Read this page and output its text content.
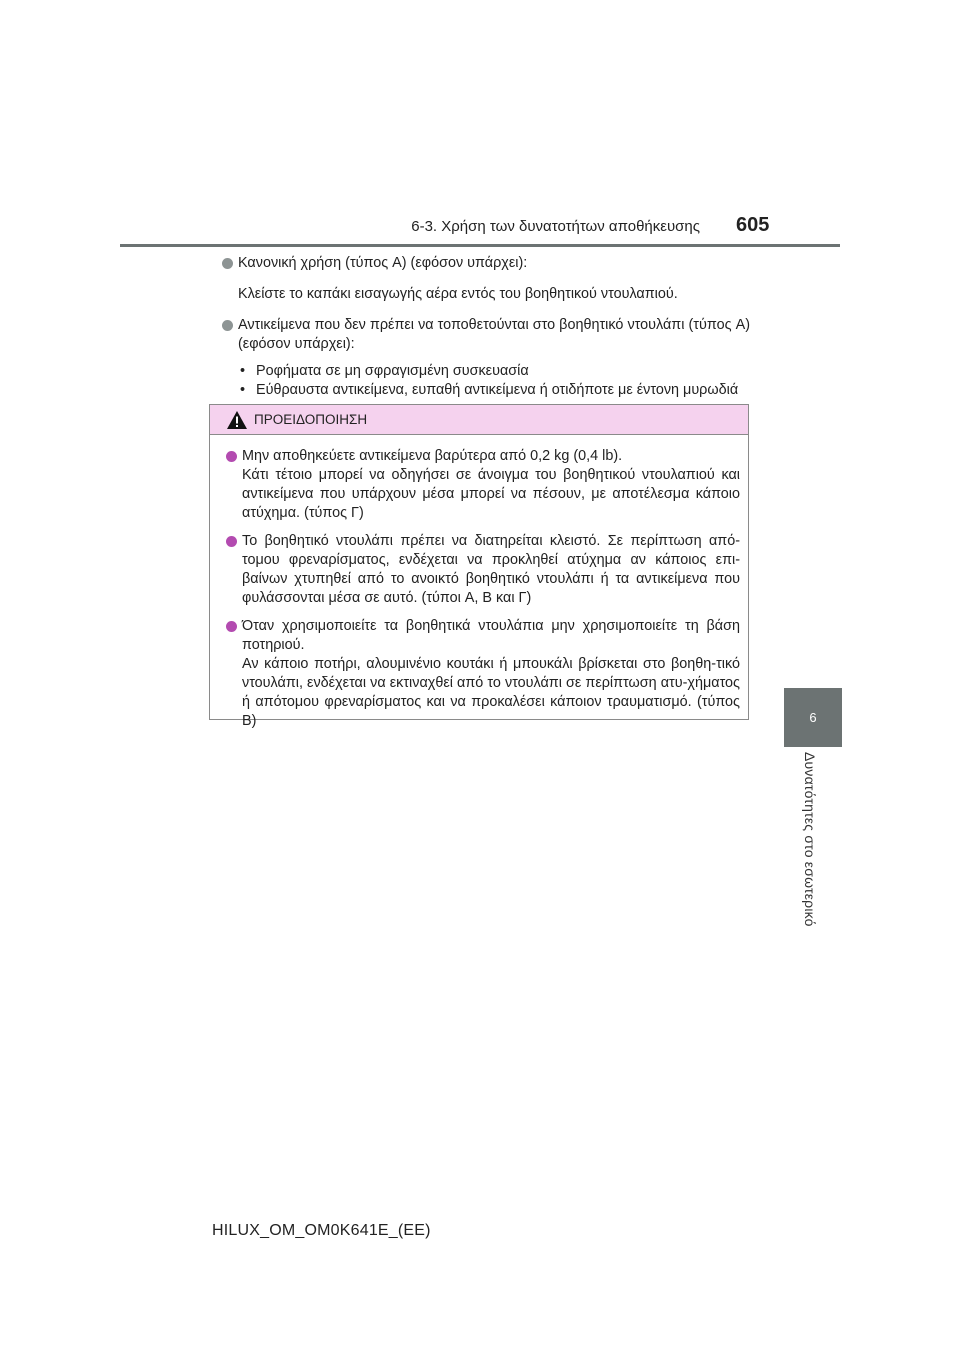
6-3. Χρήση των δυνατοτήτων αποθήκευσης 605
6
Δυνατότητες στο εσωτερικό
Κανονική χρήση (τύπος A) (εφόσον υπάρχει):
Κλείστε το καπάκι εισαγωγής αέρα εντός του βοηθητικού ντουλαπιού.
Αντικείμενα που δεν πρέπει να τοποθετούνται στο βοηθητικό ντουλάπι (τύπος A) (εφόσον υπάρχει):
• Ροφήματα σε μη σφραγισμένη συσκευασία
• Εύθραυστα αντικείμενα, ευπαθή αντικείμενα ή οτιδήποτε με έντονη μυρωδιά
ΠΡΟΕΙΔΟΠΟΙΗΣΗ
Μην αποθηκεύετε αντικείμενα βαρύτερα από 0,2 kg (0,4 lb).
Κάτι τέτοιο μπορεί να οδηγήσει σε άνοιγμα του βοηθητικού ντουλαπιού και αντικείμενα που υπάρχουν μέσα μπορεί να πέσουν, με αποτέλεσμα κάποιο ατύχημα. (τύπος Γ)
Το βοηθητικό ντουλάπι πρέπει να διατηρείται κλειστό. Σε περίπτωση από-τομου φρεναρίσματος, ενδέχεται να προκληθεί ατύχημα αν κάποιος επι-βαίνων χτυπηθεί από το ανοικτό βοηθητικό ντουλάπι ή τα αντικείμενα που φυλάσσονται μέσα σε αυτό. (τύποι A, B και Γ)
Όταν χρησιμοποιείτε τα βοηθητικά ντουλάπια μην χρησιμοποιείτε τη βάση ποτηριού.
Αν κάποιο ποτήρι, αλουμινένιο κουτάκι ή μπουκάλι βρίσκεται στο βοηθη-τικό ντουλάπι, ενδέχεται να εκτιναχθεί από το ντουλάπι σε περίπτωση ατυ-χήματος ή απότομου φρεναρίσματος και να προκαλέσει κάποιον τραυματισμό. (τύπος B)
HILUX_OM_OM0K641E_(EE)
